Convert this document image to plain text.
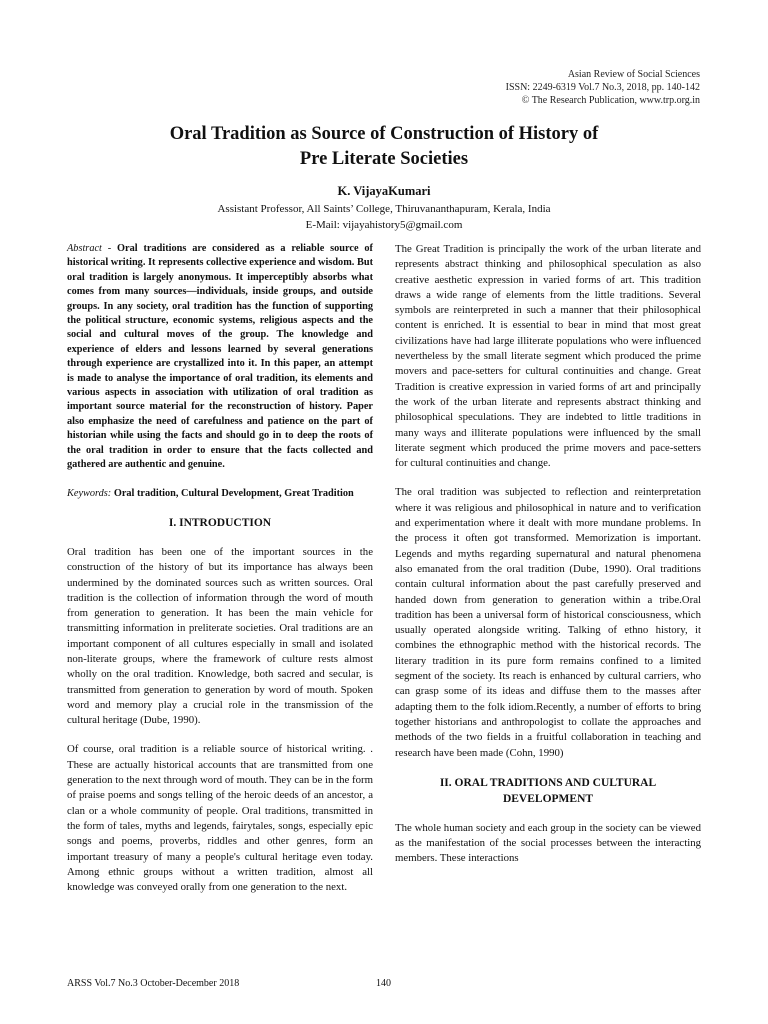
Asian Review of Social Sciences
ISSN: 2249-6319 Vol.7 No.3, 2018, pp. 140-142
© The Research Publication, www.trp.org.in
Oral Tradition as Source of Construction of History of
Pre Literate Societies
K. VijayaKumari
Assistant Professor, All Saints’ College, Thiruvananthapuram, Kerala, India
E-Mail: vijayahistory5@gmail.com

Abstract - Oral traditions are considered as a reliable source of historical writing. It represents collective experience and wisdom. But oral tradition is largely anonymous. It imperceptibly absorbs what comes from many sources—individuals, inside groups, and outside groups. In any society, oral tradition has the function of supporting the political structure, economic systems, religious aspects and the social and cultural moves of the group. The knowledge and experience of elders and lessons learned by several generations through experience are crystallized into it. In this paper, an attempt is made to analyse the importance of oral tradition, its elements and various aspects in association with utilization of oral tradition as important source material for the reconstruction of history. Paper also emphasize the need of carefulness and patience on the part of historian while using the facts and should go in to deep the roots of the oral tradition in order to ensure that the facts collected and gathered are authentic and genuine.

Keywords: Oral tradition, Cultural Development, Great Tradition
I. INTRODUCTION

Oral tradition has been one of the important sources in the construction of the history of but its importance has always been undermined by the dominated sources such as written sources. Oral tradition is the collection of information through the word of mouth from generation to generation. It has been the main vehicle for transmitting information in preliterate societies. Oral traditions are an important component of all cultures especially in small and isolated non-literate groups, where the framework of culture rests almost wholly on the oral tradition. Knowledge, both sacred and secular, is transmitted from generation to generation by word of mouth. Spoken word and memory play a crucial role in the transmission of the cultural heritage (Dube, 1990).

Of course, oral tradition is a reliable source of historical writing. . These are actually historical accounts that are transmitted from one generation to the next through word of mouth. They can be in the form of praise poems and songs telling of the heroic deeds of an ancestor, a clan or a whole community of people. Oral traditions, transmitted in the form of tales, myths and legends, fairytales, songs, especially epic songs and poems, proverbs, riddles and other genres, form an important treasury of many a people's cultural heritage even today. Among ethnic groups without a written tradition, almost all knowledge was conveyed orally from one generation to the next.

The Great Tradition is principally the work of the urban literate and represents abstract thinking and philosophical speculation as also creative aesthetic expression in varied forms of art. This tradition draws a wide range of elements from the little traditions. Several symbols are reinterpreted in such a manner that their philosophical content is enriched. It is essential to bear in mind that most great civilizations have had large illiterate populations who were influenced nevertheless by the small literate segment which produced the prime movers and pace-setters for cultural continuities and change. Great Tradition is creative expression in varied forms of art and principally the work of the urban literate and represents abstract thinking and philosophical speculations. They are indebted to little traditions in many ways and illiterate populations were influenced by the small literate segment which produced the prime movers and pace-setters for cultural continuities and change.

The oral tradition was subjected to reflection and reinterpretation where it was religious and philosophical in nature and to verification and experimentation where it dealt with more mundane problems. In the process it often got transformed. Memorization is important. Legends and myths regarding supernatural and natural phenomena also emanated from the oral tradition (Dube, 1990). Oral traditions contain cultural information about the past carefully preserved and handed down from generation to generation within a tribe.Oral tradition has been a universal form of historical consciousness, which usually operated alongside writing. Talking of ethno history, it combines the ethnographic method with the historical records. The literary tradition in its pure form remains confined to a limited segment of the society. Its reach is enhanced by cultural carriers, who can grasp some of its ideas and diffuse them to the masses after adapting them to the folk idiom.Recently, a number of efforts to bring together historians and anthropologist to collate the approaches and methods of the two fields in a fruitful collaboration in teaching and research have been made (Cohn, 1990)

II. ORAL TRADITIONS AND CULTURAL
DEVELOPMENT

The whole human society and each group in the society can be viewed as the manifestation of the social processes between the interacting members. These interactions

ARSS Vol.7 No.3 October-December 2018	140
